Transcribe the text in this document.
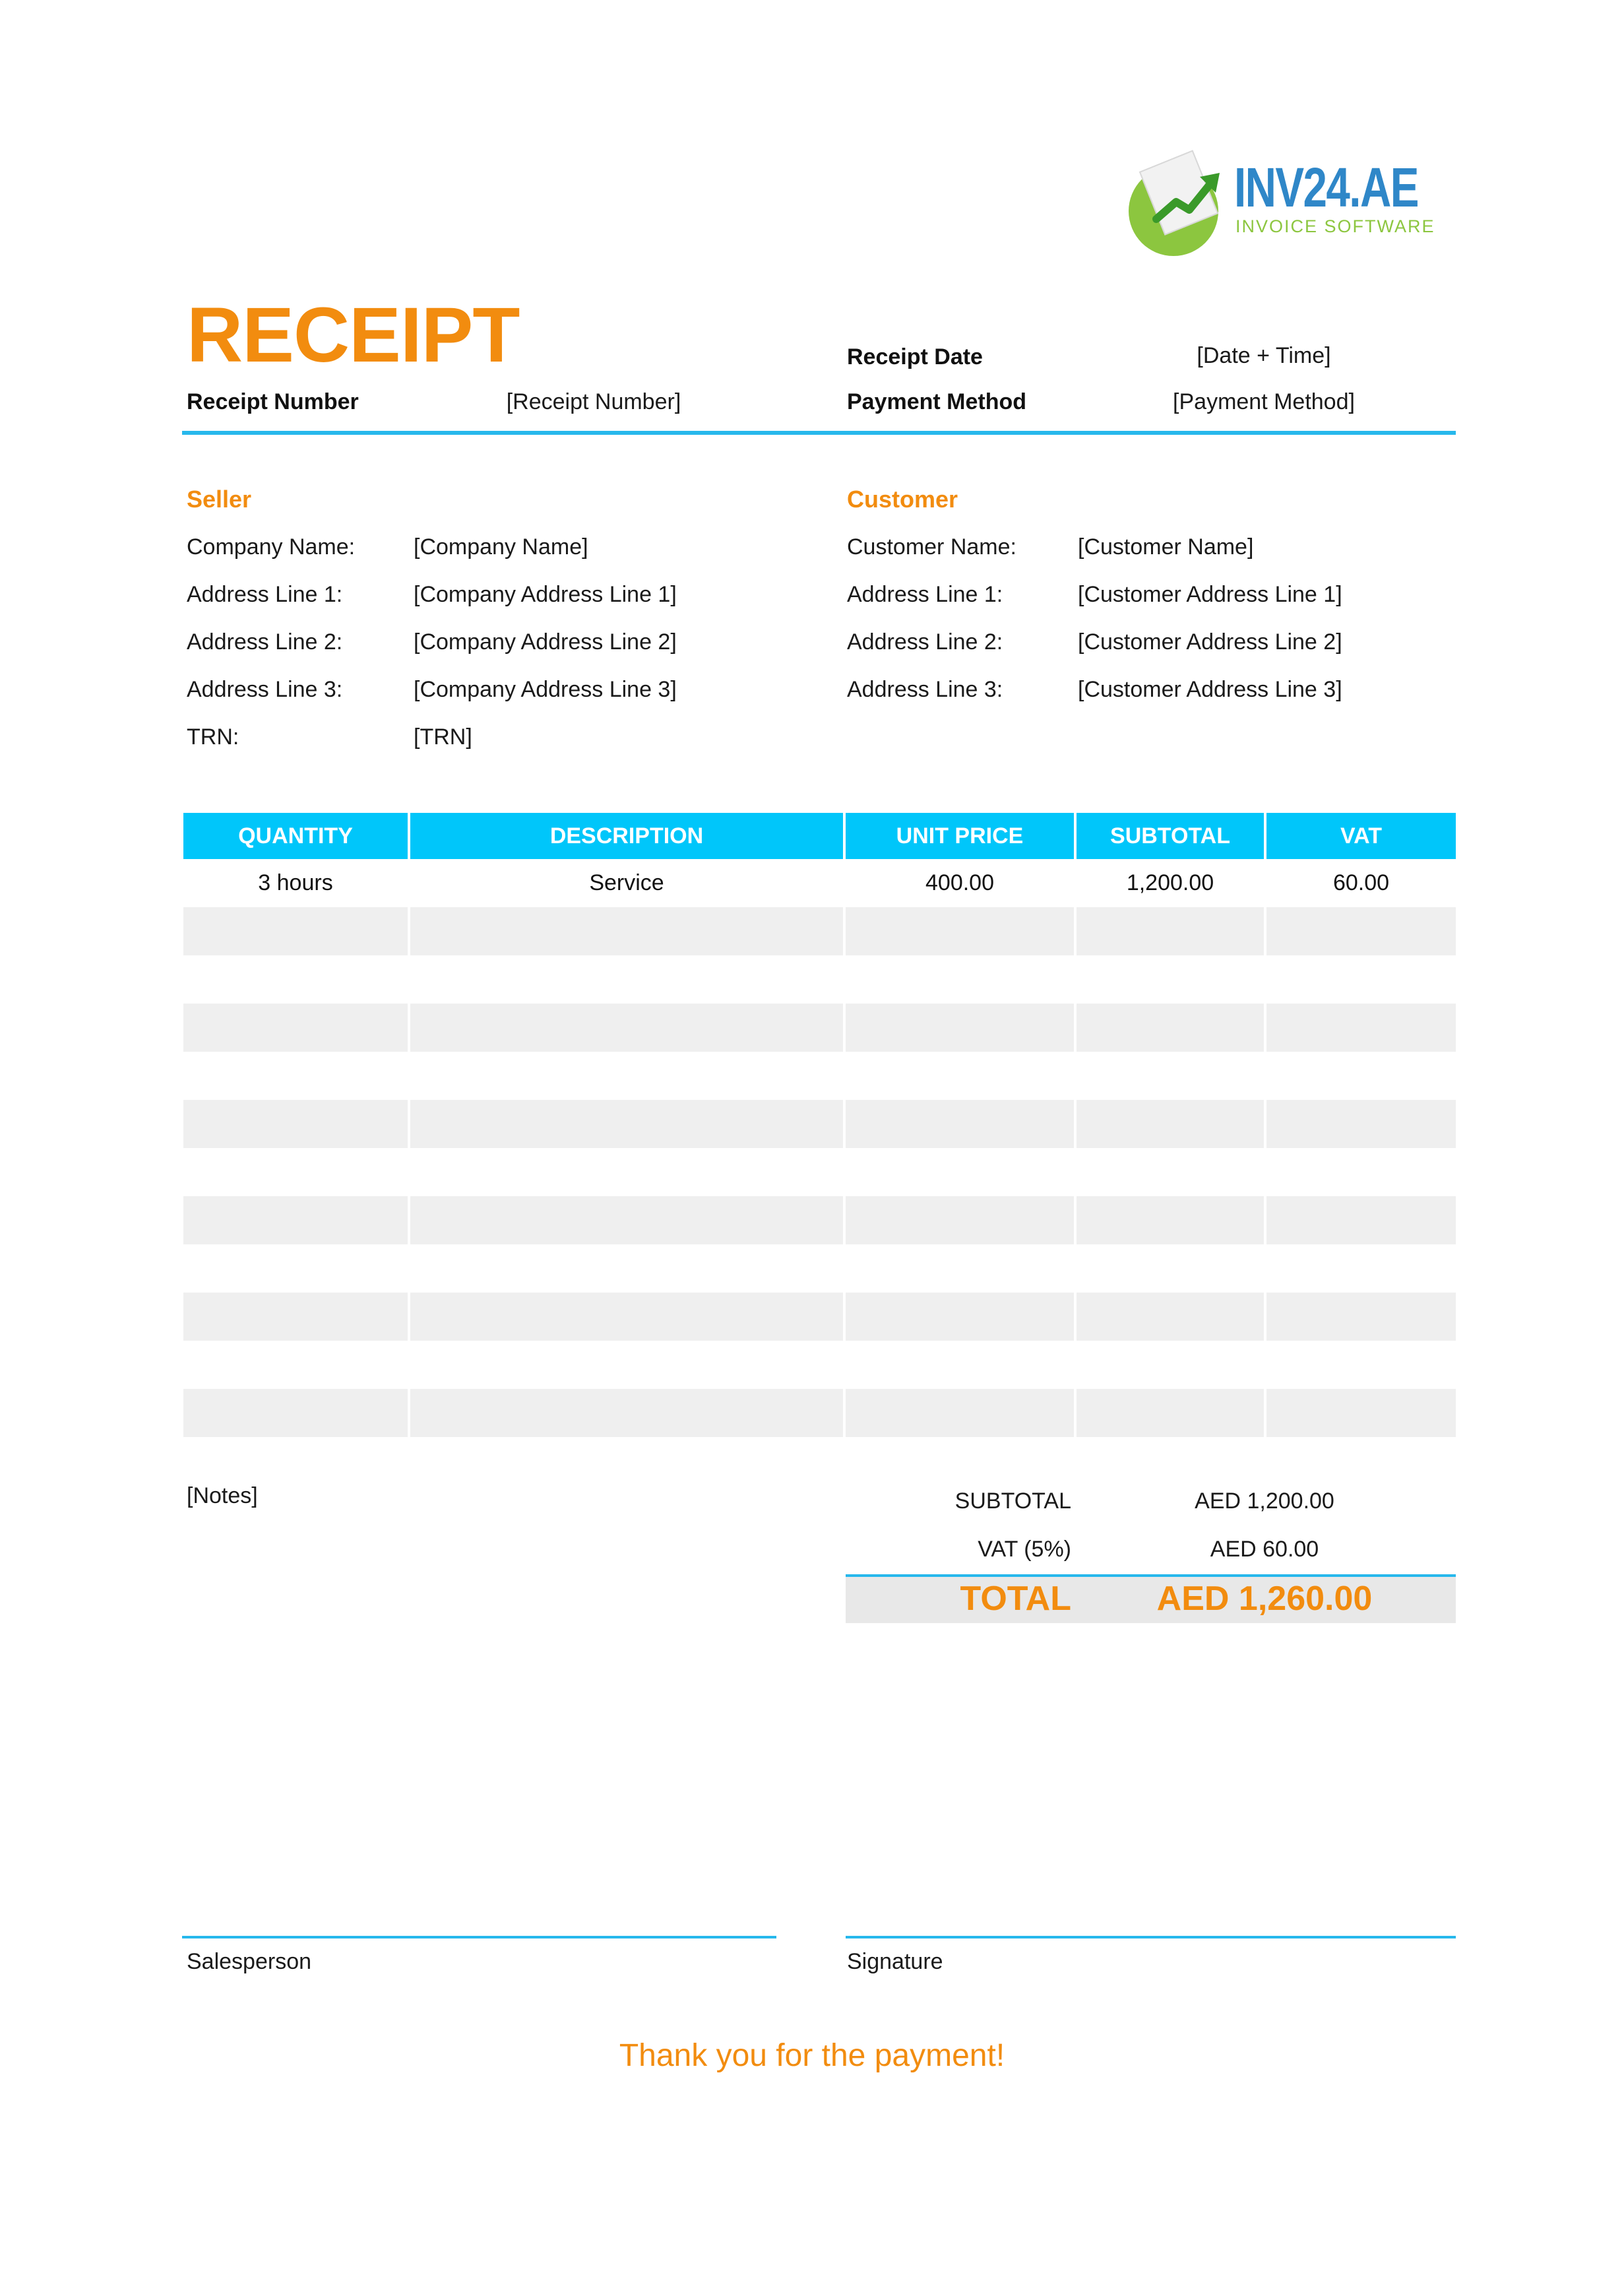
INV24.AE
INVOICE SOFTWARE
RECEIPT
Receipt Number	[Receipt Number]
Receipt Date	[Date + Time]
Payment Method	[Payment Method]
Seller
Company Name:	[Company Name]
Address Line 1:	[Company Address Line 1]
Address Line 2:	[Company Address Line 2]
Address Line 3:	[Company Address Line 3]
TRN:	[TRN]
Customer
Customer Name:	[Customer Name]
Address Line 1:	[Customer Address Line 1]
Address Line 2:	[Customer Address Line 2]
Address Line 3:	[Customer Address Line 3]
QUANTITY	DESCRIPTION	UNIT PRICE	SUBTOTAL	VAT
3 hours	Service	400.00	1,200.00	60.00
[Notes]	SUBTOTAL	AED 1,200.00
VAT (5%)	AED 60.00
TOTAL	AED 1,260.00
Salesperson	Signature
Thank you for the payment!
